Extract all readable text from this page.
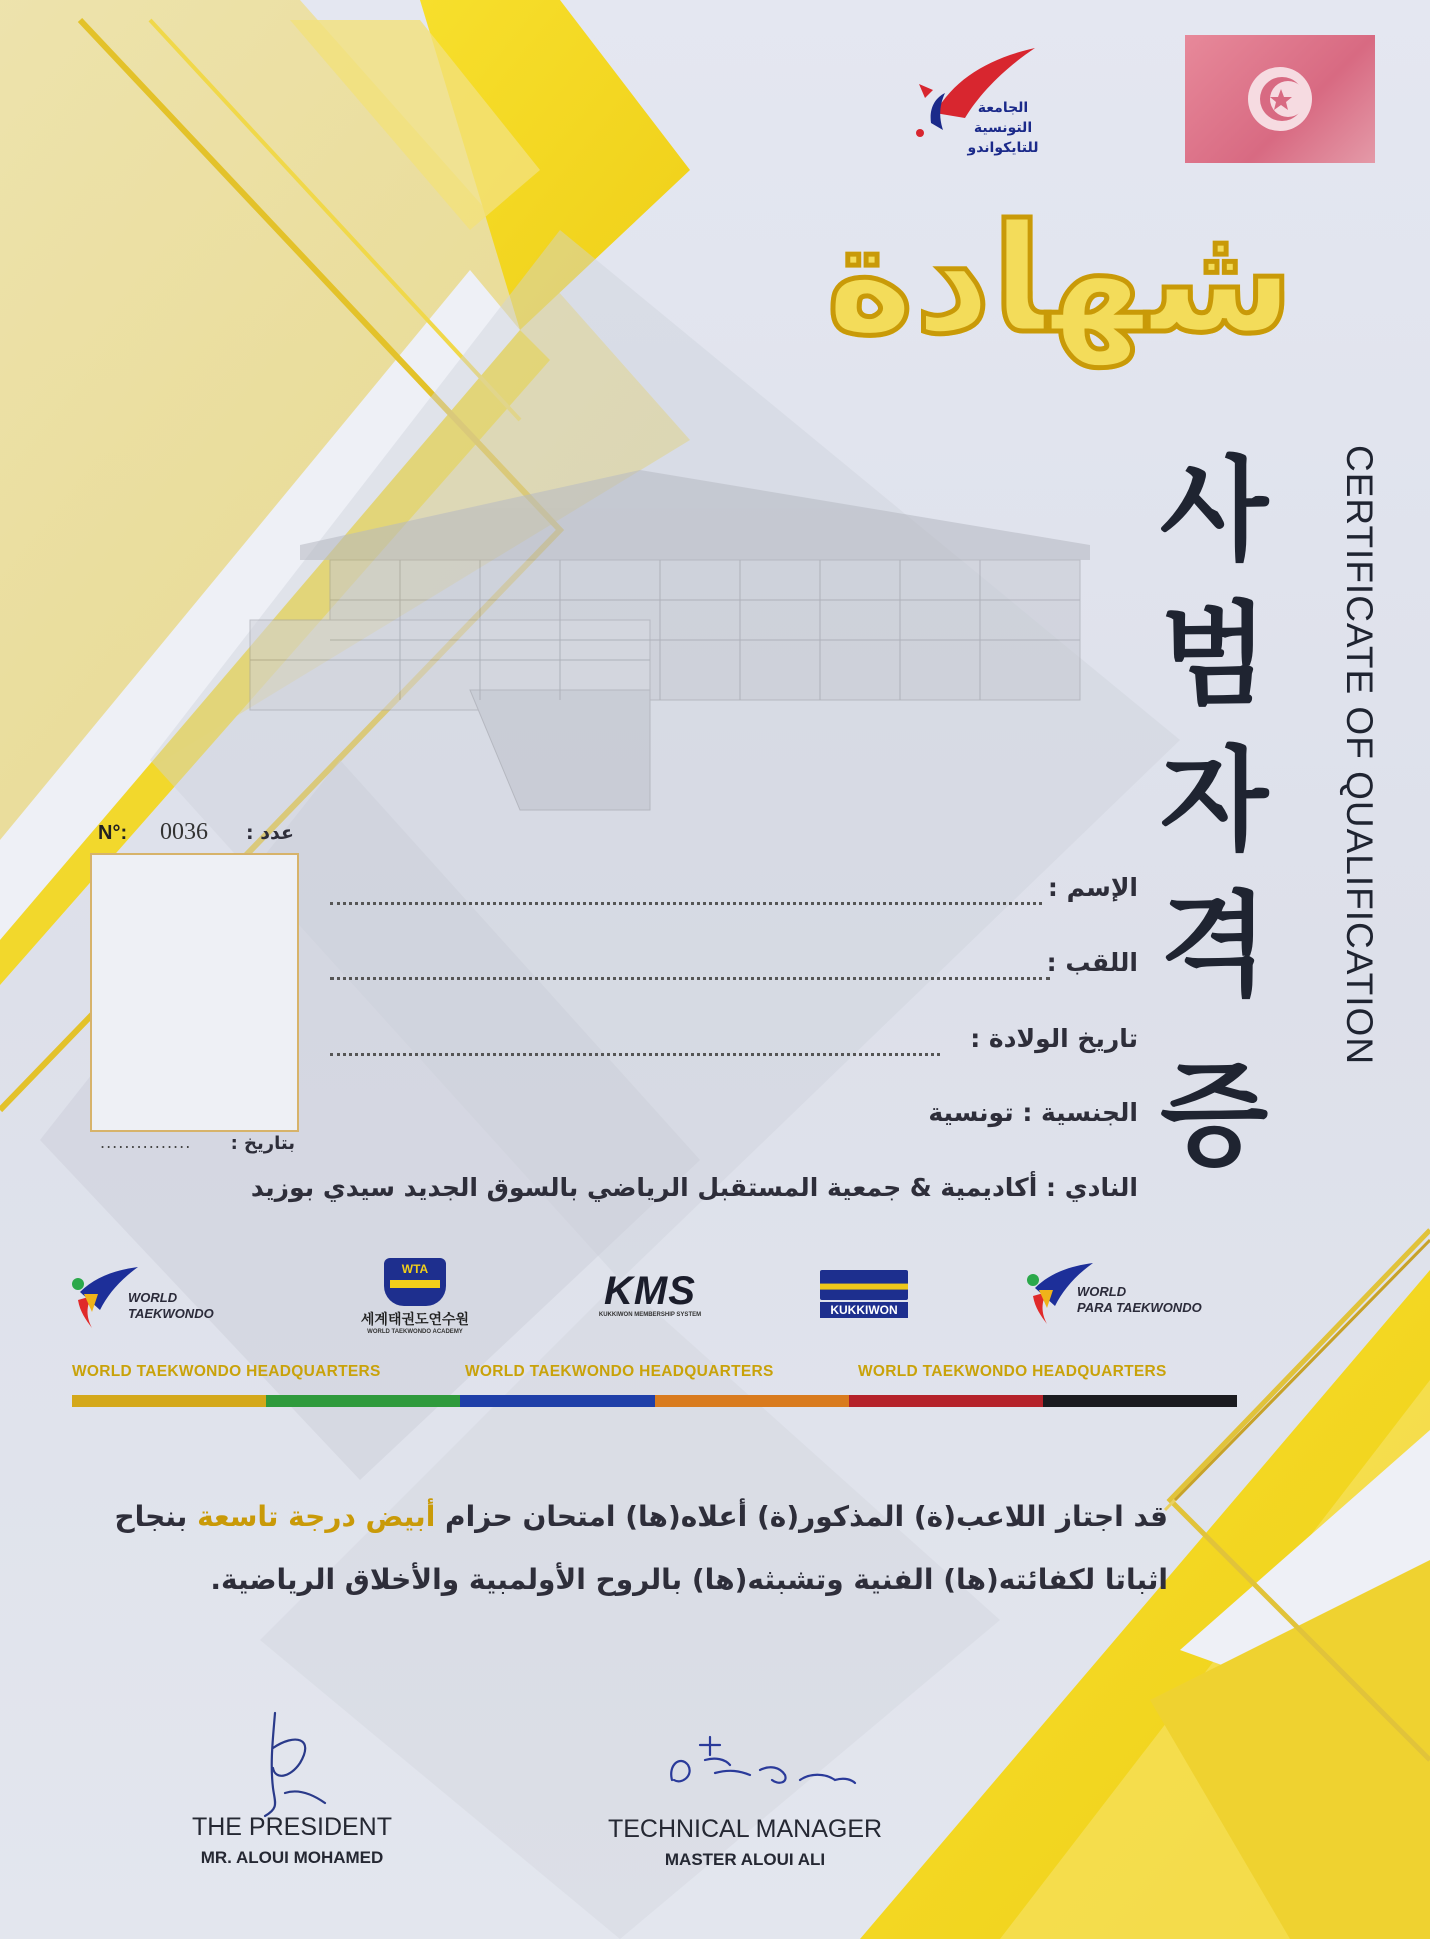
الجامعة
التونسية
للتايكواندو
شهادة
사
범
자
격
증
CERTIFICATE OF QUALIFICATION
N°: 0036 عدد :
............... بتاريخ :
الإسم :
اللقب :
تاريخ الولادة :
الجنسية : تونسية
النادي : أكاديمية & جمعية المستقبل الرياضي بالسوق الجديد سيدي بوزيد
WORLD
TAEKWONDO
WTA
세계태권도연수원
WORLD TAEKWONDO ACADEMY
KMS
KUKKIWON MEMBERSHIP SYSTEM	KUKKIWON
WORLD
PARA TAEKWONDO
WORLD TAEKWONDO HEADQUARTERS	WORLD TAEKWONDO HEADQUARTERS	WORLD TAEKWONDO HEADQUARTERS
قد اجتاز اللاعب(ة) المذكور(ة) أعلاه(ها) امتحان حزام أبيض درجة تاسعة بنجاح
اثباتا لكفائته(ها) الفنية وتشبثه(ها) بالروح الأولمبية والأخلاق الرياضية.
THE PRESIDENT
MR. ALOUI MOHAMED
TECHNICAL MANAGER
MASTER ALOUI ALI
